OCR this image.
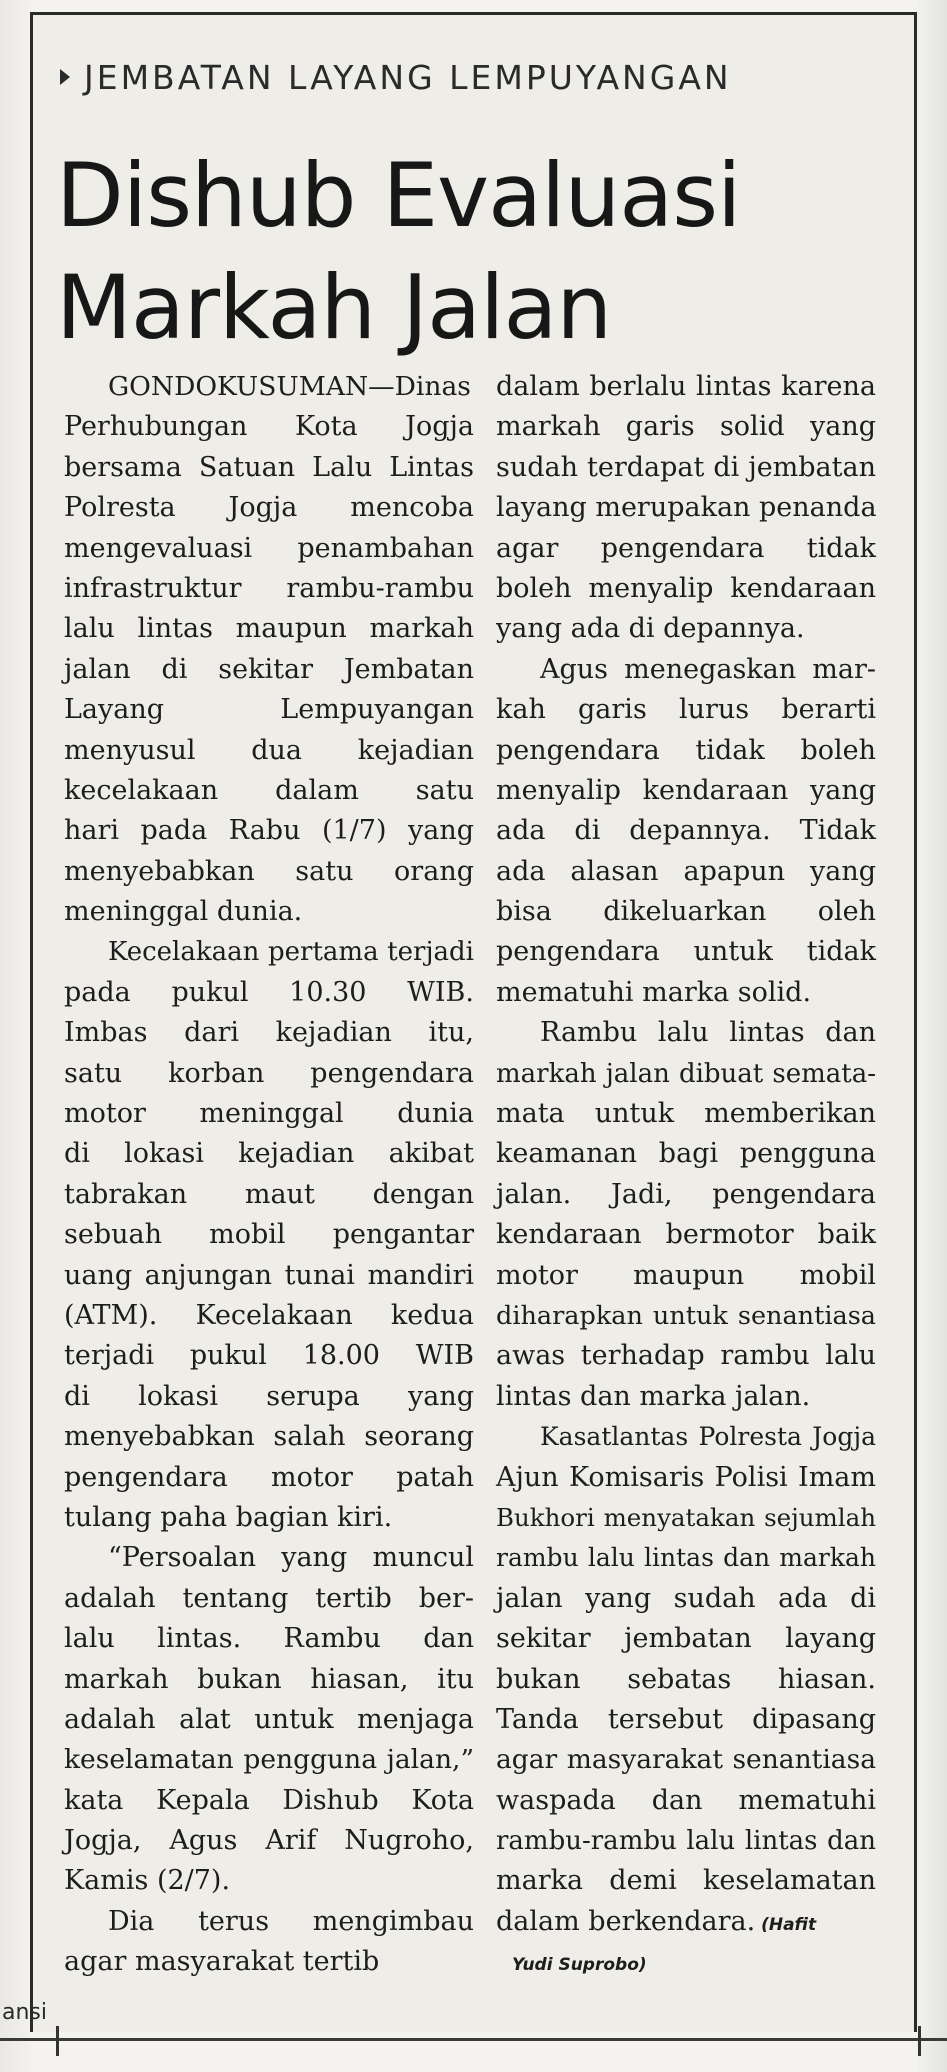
JEMBATAN LAYANG LEMPUYANGAN
Dishub Evaluasi
Markah Jalan
GONDOKUSUMAN—Dinas
Perhubungan Kota Jogja
bersama Satuan Lalu Lintas
Polresta Jogja mencoba
mengevaluasi penambahan
infrastruktur rambu-rambu
lalu lintas maupun markah
jalan di sekitar Jembatan
Layang Lempuyangan
menyusul dua kejadian
kecelakaan dalam satu
hari pada Rabu (1/7) yang
menyebabkan satu orang
meninggal dunia.
Kecelakaan pertama terjadi
pada pukul 10.30 WIB.
Imbas dari kejadian itu,
satu korban pengendara
motor meninggal dunia
di lokasi kejadian akibat
tabrakan maut dengan
sebuah mobil pengantar
uang anjungan tunai mandiri
(ATM). Kecelakaan kedua
terjadi pukul 18.00 WIB
di lokasi serupa yang
menyebabkan salah seorang
pengendara motor patah
tulang paha bagian kiri.
“Persoalan yang muncul
adalah tentang tertib ber-
lalu lintas. Rambu dan
markah bukan hiasan, itu
adalah alat untuk menjaga
keselamatan pengguna jalan,”
kata Kepala Dishub Kota
Jogja, Agus Arif Nugroho,
Kamis (2/7).
Dia terus mengimbau
agar masyarakat tertib
dalam berlalu lintas karena
markah garis solid yang
sudah terdapat di jembatan
layang merupakan penanda
agar pengendara tidak
boleh menyalip kendaraan
yang ada di depannya.
Agus menegaskan mar-
kah garis lurus berarti
pengendara tidak boleh
menyalip kendaraan yang
ada di depannya. Tidak
ada alasan apapun yang
bisa dikeluarkan oleh
pengendara untuk tidak
mematuhi marka solid.
Rambu lalu lintas dan
markah jalan dibuat semata-
mata untuk memberikan
keamanan bagi pengguna
jalan. Jadi, pengendara
kendaraan bermotor baik
motor maupun mobil
diharapkan untuk senantiasa
awas terhadap rambu lalu
lintas dan marka jalan.
Kasatlantas Polresta Jogja
Ajun Komisaris Polisi Imam
Bukhori menyatakan sejumlah
rambu lalu lintas dan markah
jalan yang sudah ada di
sekitar jembatan layang
bukan sebatas hiasan.
Tanda tersebut dipasang
agar masyarakat senantiasa
waspada dan mematuhi
rambu-rambu lalu lintas dan
marka demi keselamatan
dalam berkendara. (Hafit
Yudi Suprobo)
ansi
